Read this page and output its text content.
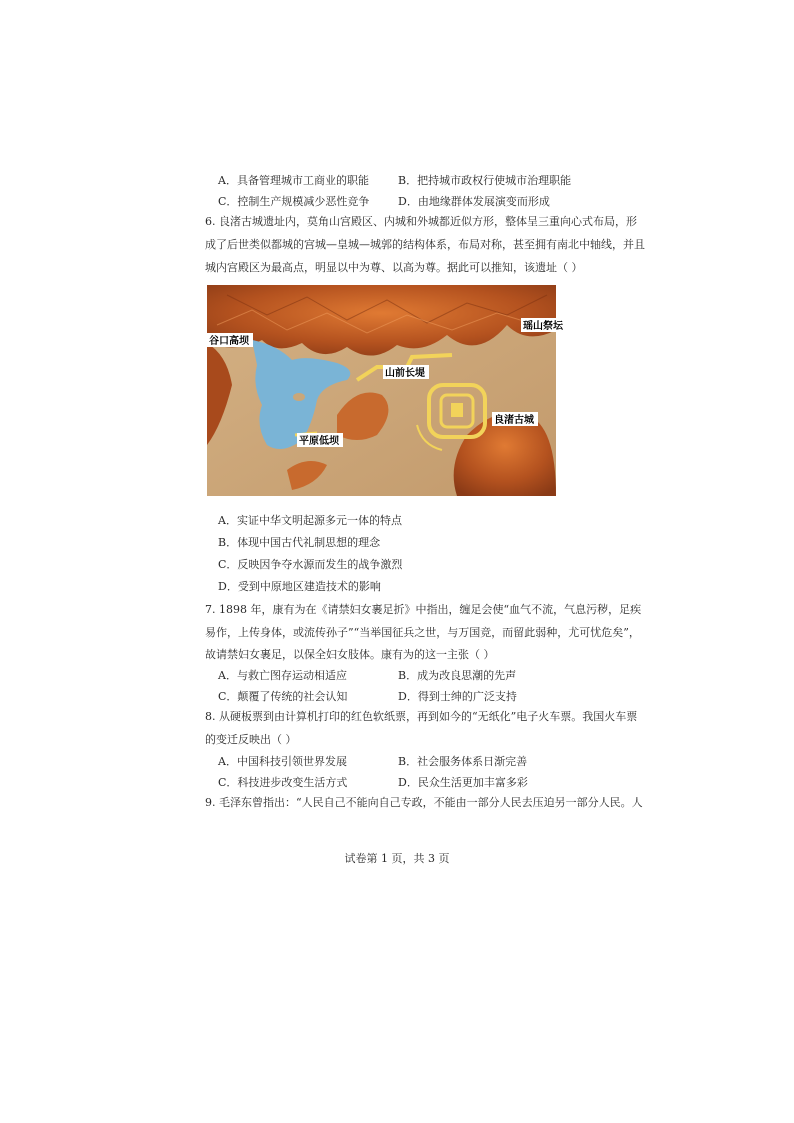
A．具备管理城市工商业的职能	B．把持城市政权行使城市治理职能
C．控制生产规模减少恶性竞争	D．由地缘群体发展演变而形成
6. 良渚古城遗址内，莫角山宫殿区、内城和外城都近似方形，整体呈三重向心式布局，形
成了后世类似都城的宫城—皇城—城郭的结构体系，布局对称，甚至拥有南北中轴线，并且
城内宫殿区为最高点，明显以中为尊、以高为尊。据此可以推知，该遗址（ ）
谷口高坝
瑶山祭坛
山前长堤
良渚古城
平原低坝
A．实证中华文明起源多元一体的特点
B．体现中国古代礼制思想的理念
C．反映因争夺水源而发生的战争激烈
D．受到中原地区建造技术的影响
7. 1898 年，康有为在《请禁妇女裹足折》中指出，缠足会使“血气不流，气息污秽，足疾
易作，上传身体，或流传孙子”“当举国征兵之世，与万国竞，而留此弱种，尤可忧危矣”，
故请禁妇女裹足，以保全妇女肢体。康有为的这一主张（ ）
A．与救亡图存运动相适应	B．成为改良思潮的先声
C．颠覆了传统的社会认知	D．得到士绅的广泛支持
8. 从硬板票到由计算机打印的红色软纸票，再到如今的“无纸化”电子火车票。我国火车票
的变迁反映出（ ）
A．中国科技引领世界发展	B．社会服务体系日渐完善
C．科技进步改变生活方式	D．民众生活更加丰富多彩
9. 毛泽东曾指出：“人民自己不能向自己专政，不能由一部分人民去压迫另一部分人民。人
试卷第 1 页，共 3 页
